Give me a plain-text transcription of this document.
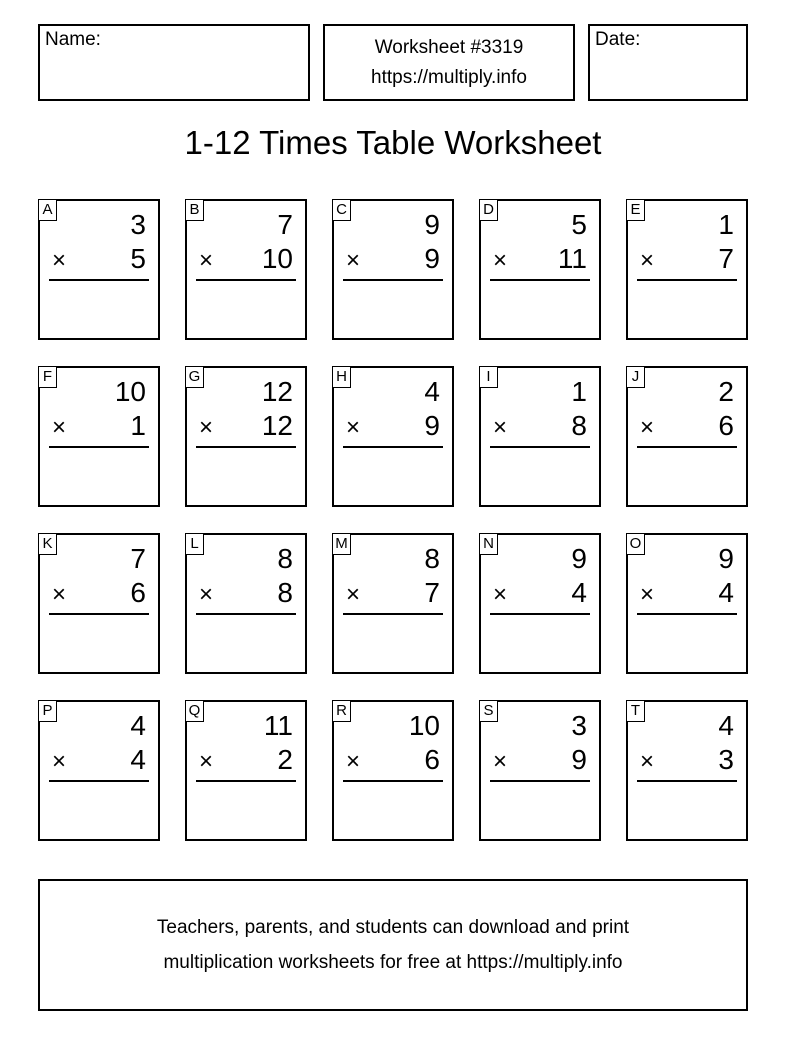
Name:	Worksheet #3319
https://multiply.info
Date:
1-12 Times Table Worksheet
A	3
× 5
B	7
× 10
C	9
× 9
D	5
× 11
E	1
× 7
F 10
× 1
G 12
× 12
H	4
× 9
I	1
× 8
J	2
× 6
K	7
× 6
L	8
× 8
M	8
× 7
N	9
× 4
O	9
× 4
P	4
× 4
Q 11
× 2
R 10
× 6
S	3
× 9
T	4
× 3
Teachers, parents, and students can download and print
multiplication worksheets for free at https://multiply.info
